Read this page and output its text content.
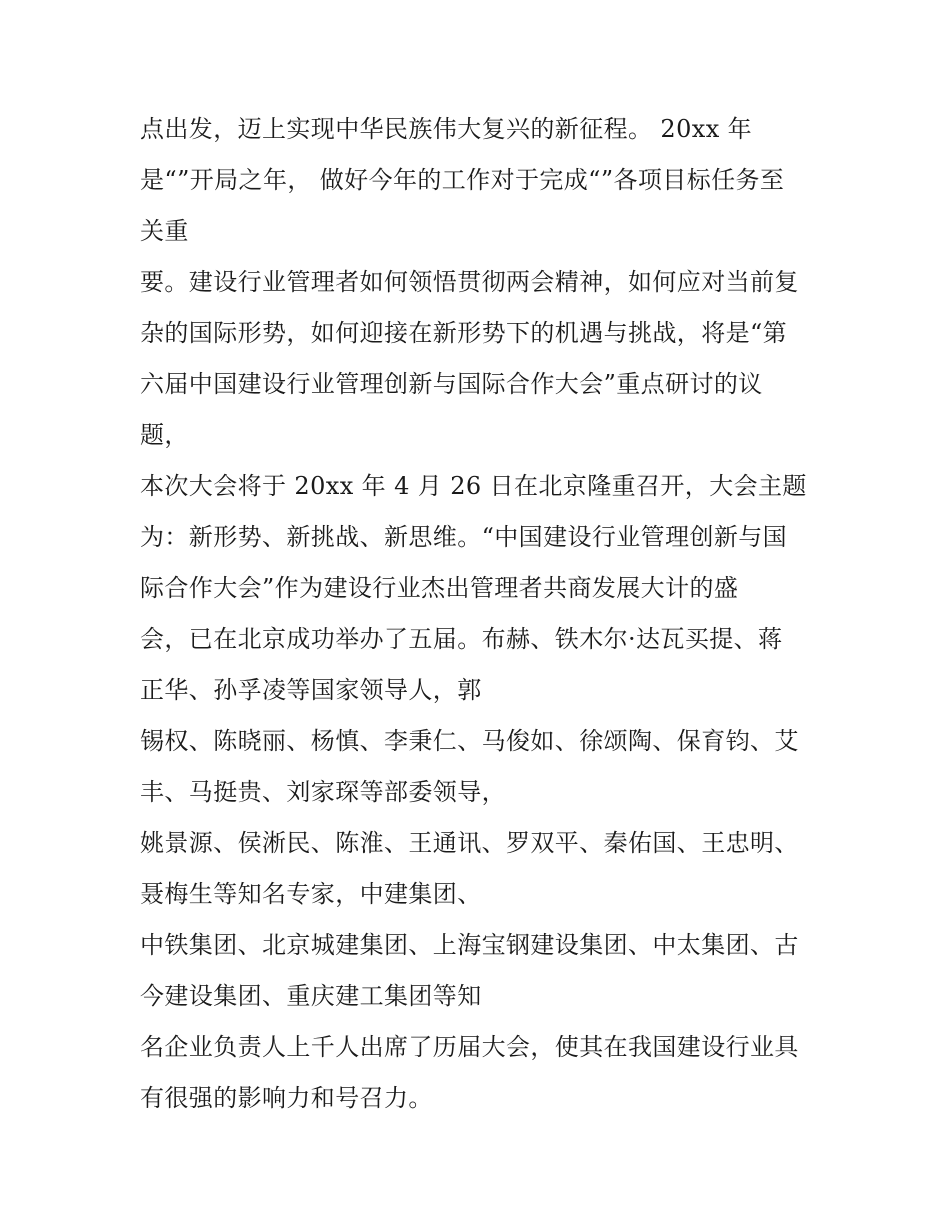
点出发，迈上实现中华民族伟大复兴的新征程。 20xx 年
是“”开局之年， 做好今年的工作对于完成“”各项目标任务至
关重
要。建设行业管理者如何领悟贯彻两会精神，如何应对当前复
杂的国际形势，如何迎接在新形势下的机遇与挑战，将是“第
六届中国建设行业管理创新与国际合作大会”重点研讨的议
题，
本次大会将于 20xx 年 4 月 26 日在北京隆重召开，大会主题
为：新形势、新挑战、新思维。“中国建设行业管理创新与国
际合作大会”作为建设行业杰出管理者共商发展大计的盛
会，已在北京成功举办了五届。布赫、铁木尔·达瓦买提、蒋
正华、孙孚凌等国家领导人，郭
锡权、陈晓丽、杨慎、李秉仁、马俊如、徐颂陶、保育钧、艾
丰、马挺贵、刘家琛等部委领导，
姚景源、侯淅民、陈淮、王通讯、罗双平、秦佑国、王忠明、
聂梅生等知名专家，中建集团、
中铁集团、北京城建集团、上海宝钢建设集团、中太集团、古
今建设集团、重庆建工集团等知
名企业负责人上千人出席了历届大会，使其在我国建设行业具
有很强的影响力和号召力。
